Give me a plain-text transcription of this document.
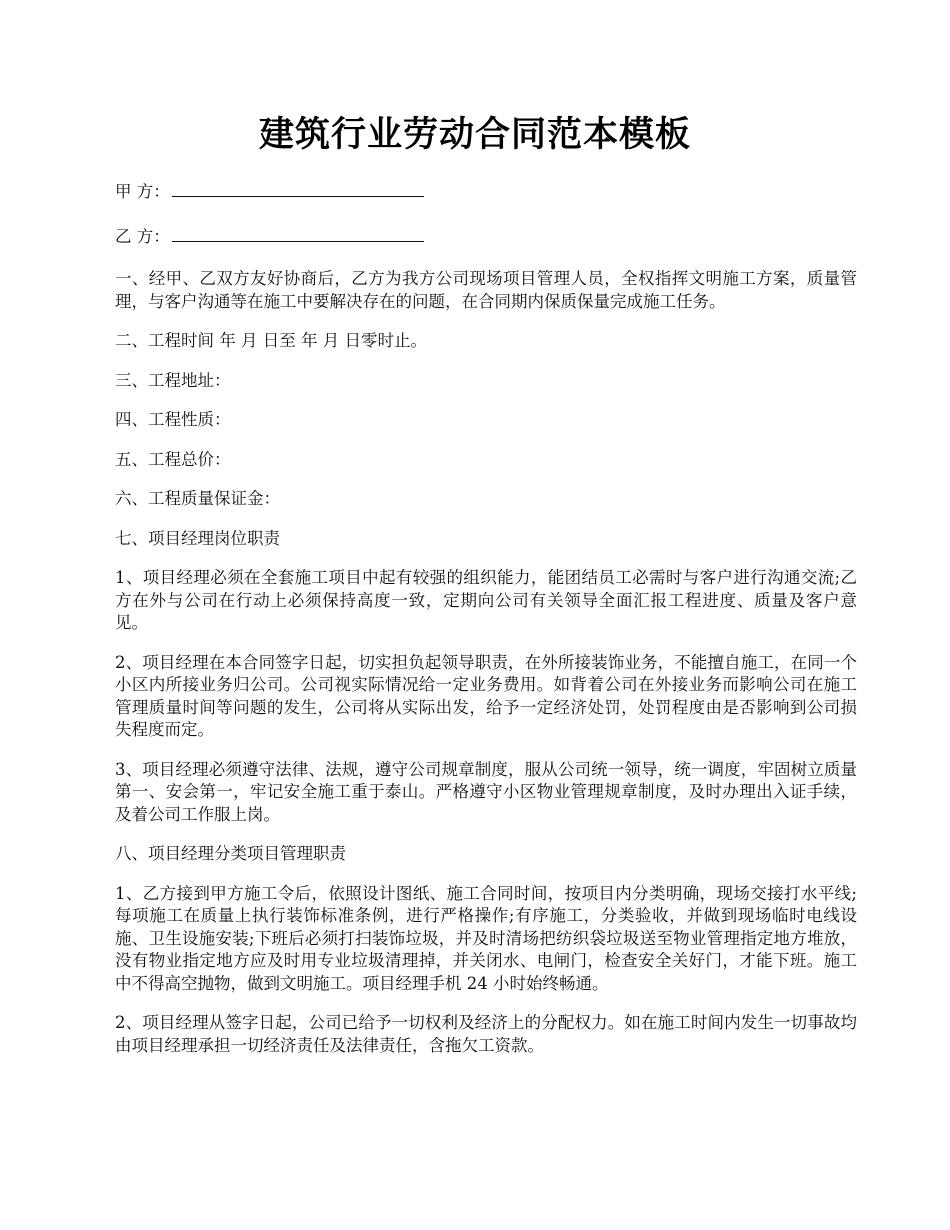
建筑行业劳动合同范本模板
甲 方：
乙 方：
一、经甲、乙双方友好协商后，乙方为我方公司现场项目管理人员，全权指挥文明施工方案，质量管理，与客户沟通等在施工中要解决存在的问题，在合同期内保质保量完成施工任务。
二、工程时间 年 月 日至 年 月 日零时止。
三、工程地址：
四、工程性质：
五、工程总价：
六、工程质量保证金：
七、项目经理岗位职责
1、项目经理必须在全套施工项目中起有较强的组织能力，能团结员工必需时与客户进行沟通交流;乙方在外与公司在行动上必须保持高度一致，定期向公司有关领导全面汇报工程进度、质量及客户意见。
2、项目经理在本合同签字日起，切实担负起领导职责，在外所接装饰业务，不能擅自施工，在同一个小区内所接业务归公司。公司视实际情况给一定业务费用。如背着公司在外接业务而影响公司在施工管理质量时间等问题的发生，公司将从实际出发，给予一定经济处罚，处罚程度由是否影响到公司损失程度而定。
3、项目经理必须遵守法律、法规，遵守公司规章制度，服从公司统一领导，统一调度，牢固树立质量第一、安会第一，牢记安全施工重于泰山。严格遵守小区物业管理规章制度，及时办理出入证手续，及着公司工作服上岗。
八、项目经理分类项目管理职责
1、乙方接到甲方施工令后，依照设计图纸、施工合同时间，按项目内分类明确，现场交接打水平线;每项施工在质量上执行装饰标准条例，进行严格操作;有序施工，分类验收，并做到现场临时电线设施、卫生设施安装;下班后必须打扫装饰垃圾，并及时清场把纺织袋垃圾送至物业管理指定地方堆放，没有物业指定地方应及时用专业垃圾清理掉，并关闭水、电闸门，检查安全关好门，才能下班。施工中不得高空抛物，做到文明施工。项目经理手机 24 小时始终畅通。
2、项目经理从签字日起，公司已给予一切权利及经济上的分配权力。如在施工时间内发生一切事故均由项目经理承担一切经济责任及法律责任，含拖欠工资款。
